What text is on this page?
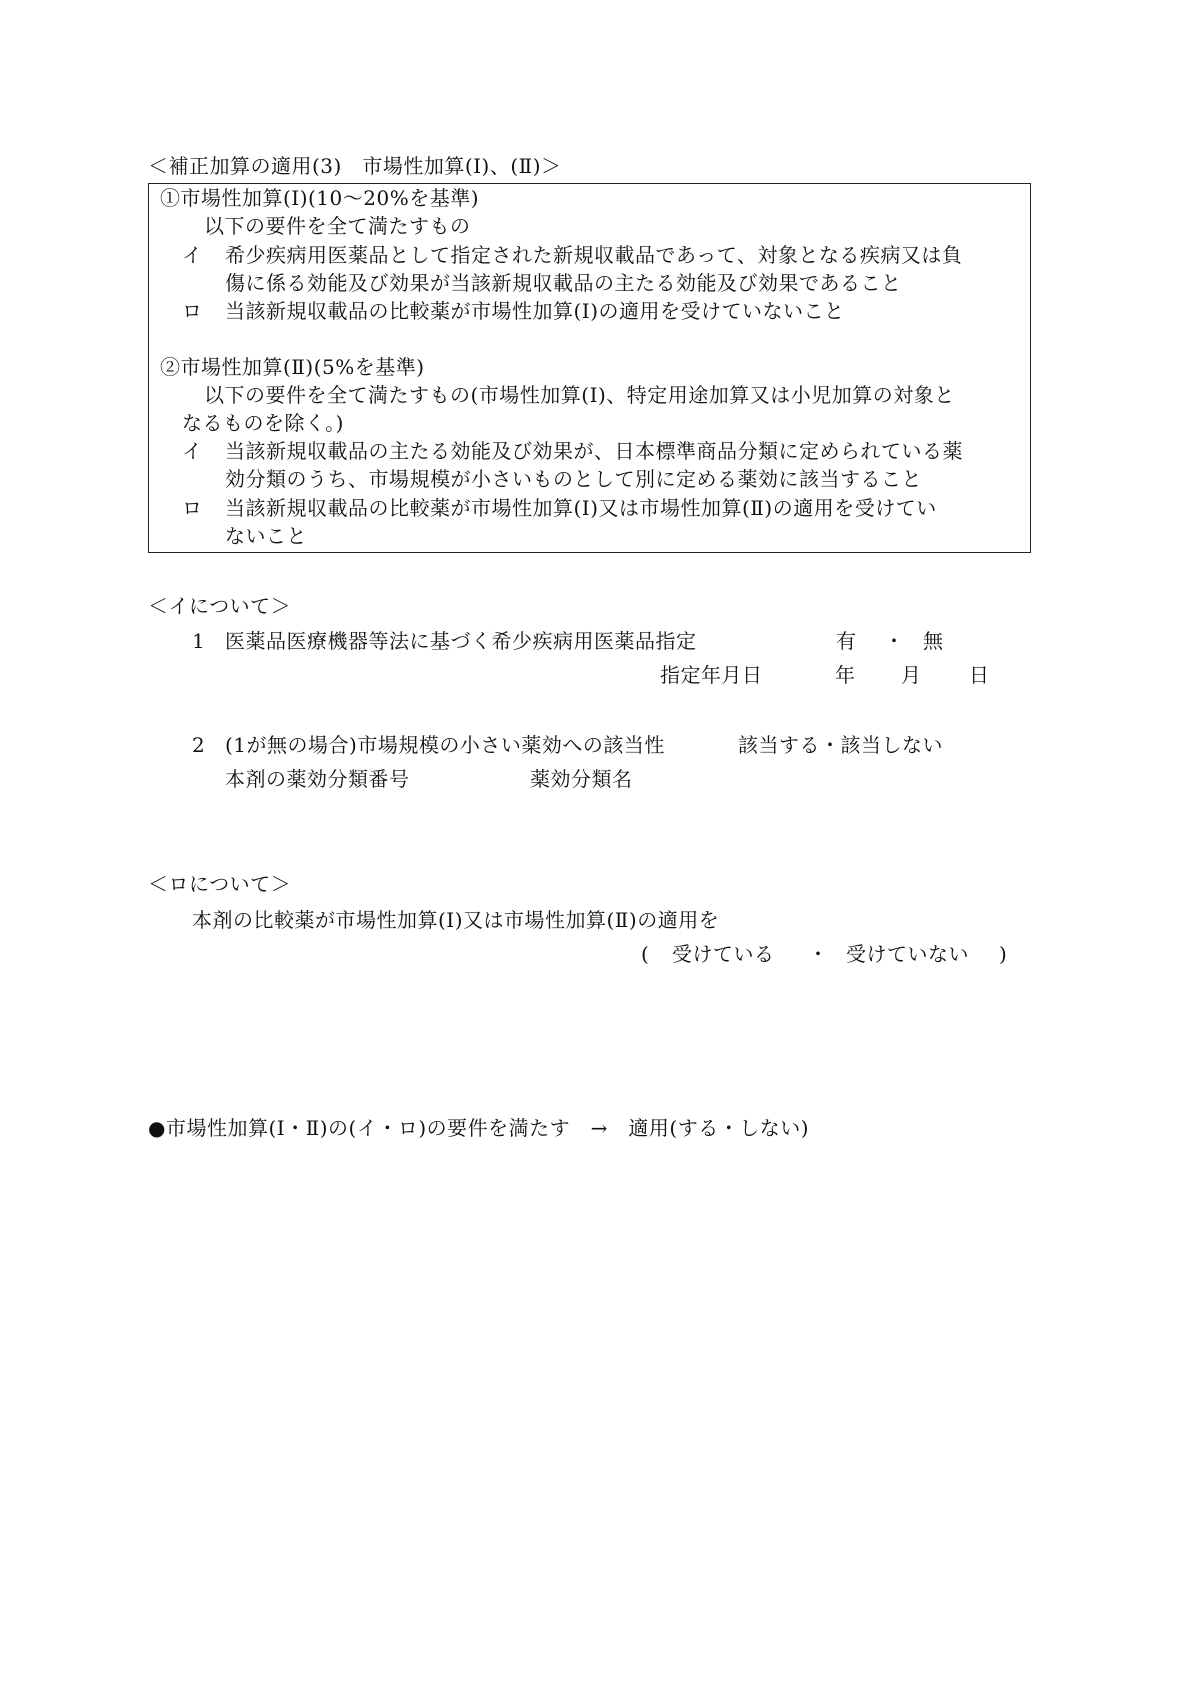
＜補正加算の適用(3)　市場性加算(Ⅰ)、(Ⅱ)＞
①市場性加算(Ⅰ)(10～20%を基準)
以下の要件を全て満たすもの
イ 希少疾病用医薬品として指定された新規収載品であって、対象となる疾病又は負
傷に係る効能及び効果が当該新規収載品の主たる効能及び効果であること
ロ 当該新規収載品の比較薬が市場性加算(Ⅰ)の適用を受けていないこと
②市場性加算(Ⅱ)(5%を基準)
以下の要件を全て満たすもの(市場性加算(Ⅰ)、特定用途加算又は小児加算の対象と
なるものを除く。)
イ 当該新規収載品の主たる効能及び効果が、日本標準商品分類に定められている薬
効分類のうち、市場規模が小さいものとして別に定める薬効に該当すること
ロ 当該新規収載品の比較薬が市場性加算(Ⅰ)又は市場性加算(Ⅱ)の適用を受けてい
ないこと
＜イについて＞
1 医薬品医療機器等法に基づく希少疾病用医薬品指定	有 ・ 無
指定年月日	年 月 日
2 (1が無の場合)市場規模の小さい薬効への該当性	該当する・該当しない
本剤の薬効分類番号	薬効分類名
＜ロについて＞
本剤の比較薬が市場性加算(Ⅰ)又は市場性加算(Ⅱ)の適用を
( 受けている ・ 受けていない )
●市場性加算(Ⅰ・Ⅱ)の(イ・ロ)の要件を満たす　→　適用(する・しない)
